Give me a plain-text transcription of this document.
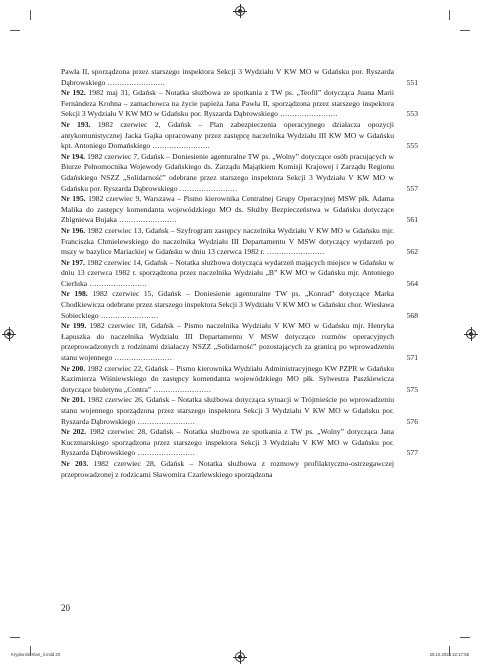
Pawła II, sporządzona przez starszego inspektora Sekcji 3 Wydziału V KW MO w Gdańsku por. Ryszarda Dąbrowskiego ........................	551
Nr 192. 1982 maj 31, Gdańsk – Notatka służbowa ze spotkania z TW ps. „Teofil” dotycząca Juana Marii Fernándeza Krohna – zamachowca na życie papieża Jana Pawła II, sporządzona przez starszego inspektora Sekcji 3 Wydziału V KW MO w Gdańsku por. Ryszarda Dąbrowskiego ........................	553
Nr 193. 1982 czerwiec 2, Gdańsk – Plan zabezpieczenia operacyjnego działacza opozycji antykomunistycznej Jacka Gajka opracowany przez zastępcę naczelnika Wydziału III KW MO w Gdańsku kpt. Antoniego Domańskiego ........................	555
Nr 194. 1982 czerwiec 7, Gdańsk – Doniesienie agenturalne TW ps. „Wolny” dotyczące osób pracujących w Biurze Pełnomocnika Wojewody Gdańskiego ds. Zarządu Majątkiem Komisji Krajowej i Zarządu Regionu Gdańskiego NSZZ „Solidarność” odebrane przez starszego inspektora Sekcji 3 Wydziału V KW MO w Gdańsku por. Ryszarda Dąbrowskiego ........................	557
Nr 195. 1982 czerwiec 9, Warszawa – Pismo kierownika Centralnej Grupy Operacyjnej MSW płk. Adama Malika do zastępcy komendanta wojewódzkiego MO ds. Służby Bezpieczeństwa w Gdańsku dotyczące Zbigniewa Bujaka ........................	561
Nr 196. 1982 czerwiec 13, Gdańsk – Szyfrogram zastępcy naczelnika Wydziału V KW MO w Gdańsku mjr. Franciszka Chmielewskiego do naczelnika Wydziału III Departamentu V MSW dotyczący wydarzeń po mszy w bazylice Mariackiej w Gdańsku w dniu 13 czerwca 1982 r. ........................	562
Nr 197. 1982 czerwiec 14, Gdańsk – Notatka służbowa dotycząca wydarzeń mających miejsce w Gdańsku w dniu 13 czerwca 1982 r. sporządzona przez naczelnika Wydziału „B” KW MO w Gdańsku mjr. Antoniego Cierluka ........................	564
Nr 198. 1982 czerwiec 15, Gdańsk – Doniesienie agenturalne TW ps. „Konrad” dotyczące Marka Chodkiewicza odebrane przez starszego inspektora Sekcji 3 Wydziału V KW MO w Gdańsku chor. Wiesława Sobieckiego ........................	568
Nr 199. 1982 czerwiec 18, Gdańsk – Pismo naczelnika Wydziału V KW MO w Gdańsku mjr. Henryka Łapuszka do naczelnika Wydziału III Departamentu V MSW dotyczące rozmów operacyjnych przeprowadzonych z rodzinami działaczy NSZZ „Solidarność” pozostających za granicą po wprowadzeniu stanu wojennego ........................	571
Nr 200. 1982 czerwiec 22, Gdańsk – Pismo kierownika Wydziału Administracyjnego KW PZPR w Gdańsku Kazimierza Wiśniewskiego do zastępcy komendanta wojewódzkiego MO płk. Sylwestra Paszkiewicza dotyczące biuletynu „Contra” ........................	575
Nr 201. 1982 czerwiec 26, Gdańsk – Notatka służbowa dotycząca sytuacji w Trójmieście po wprowadzeniu stanu wojennego sporządzona przez starszego inspektora Sekcji 3 Wydziału V KW MO w Gdańsku por. Ryszarda Dąbrowskiego ........................	576
Nr 202. 1982 czerwiec 28, Gdańsk – Notatka służbowa ze spotkania z TW ps. „Wolny” dotycząca Jana Kuczmarskiego sporządzona przez starszego inspektora Sekcji 3 Wydziału V KW MO w Gdańsku por. Ryszarda Dąbrowskiego ........................	577
Nr 203. 1982 czerwiec 28, Gdańsk – Notatka służbowa z rozmowy profilaktyczno-ostrzegawczej przeprowadzonej z rodzicami Sławomira Czarlewskiego sporządzona
20
Kryptonim Klan_3.indd 20	29.10.2024 22:17:58
